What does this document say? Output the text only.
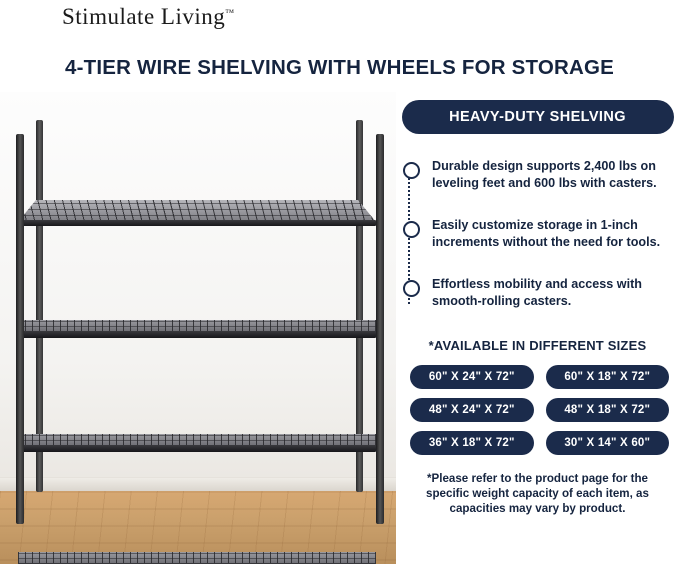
Stimulate Living™
4-TIER WIRE SHELVING WITH WHEELS FOR STORAGE
HEAVY-DUTY SHELVING
Durable design supports 2,400 lbs on leveling feet and 600 lbs with casters.
Easily customize storage in 1-inch increments without the need for tools.
Effortless mobility and access with smooth-rolling casters.
*AVAILABLE IN DIFFERENT SIZES
60" X 24" X 72"	60" X 18" X 72"
48" X 24" X 72"	48" X 18" X 72"
36" X 18" X 72"	30" X 14" X 60"
*Please refer to the product page for the specific weight capacity of each item, as capacities may vary by product.
